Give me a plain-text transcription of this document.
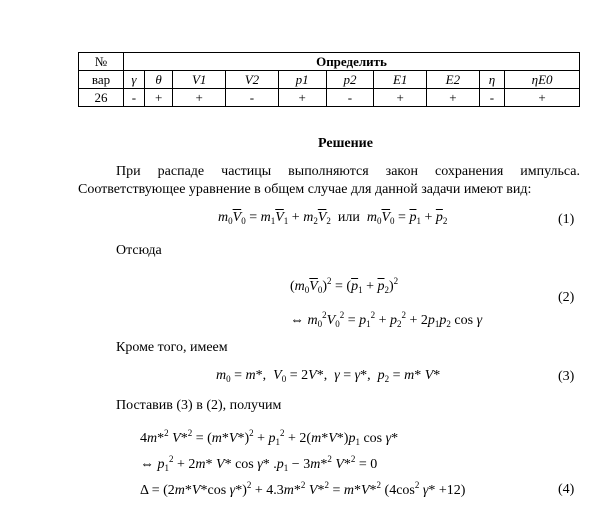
№	Определить									
вар	γ	θ	V1	V2	p1	p2	E1	E2	η	ηE0
26	-	+	+	-	+	-	+	+	-	+
Решение
При распаде частицы выполняются закон сохранения импульса.
Соответствующее уравнение в общем случае для данной задачи имеют вид:
$m_0\overline{V}_0 = m_1\overline{V}_1 + m_2\overline{V}_2$ или  $m_0\overline{V}_0 = \overline{p}_1 + \overline{p}_2$	(1)
Отсюда
$(m_0\overline{V}_0)^2 = (\overline{p}_1 + \overline{p}_2)^2$
(2)
⇔ $m_0^2V_0^2 = p_1^2 + p_2^2 + 2p_1p_2$ cos γ
Кроме того, имеем
$m_0 = m*$,  $V_0 = 2V*$,  γ = γ*,  $p_2 = m*$ V*	(3)
Поставив (3) в (2), получим
4m*$^2$ $V*^2 = (m*V*)^2 + p_1^2 + 2(m*V*)p_1$ cos γ*
⇔ $p_1^2 + 2m*$ V* cos γ* $.p_1 - 3m*^2$ V*$^2$ = 0
Δ = (2m*V*cos γ*)$^2$ + 4.3m*$^2$ V*$^2$ = m*V*$^2$ ($4\cos^2$ γ* +12)	(4)
